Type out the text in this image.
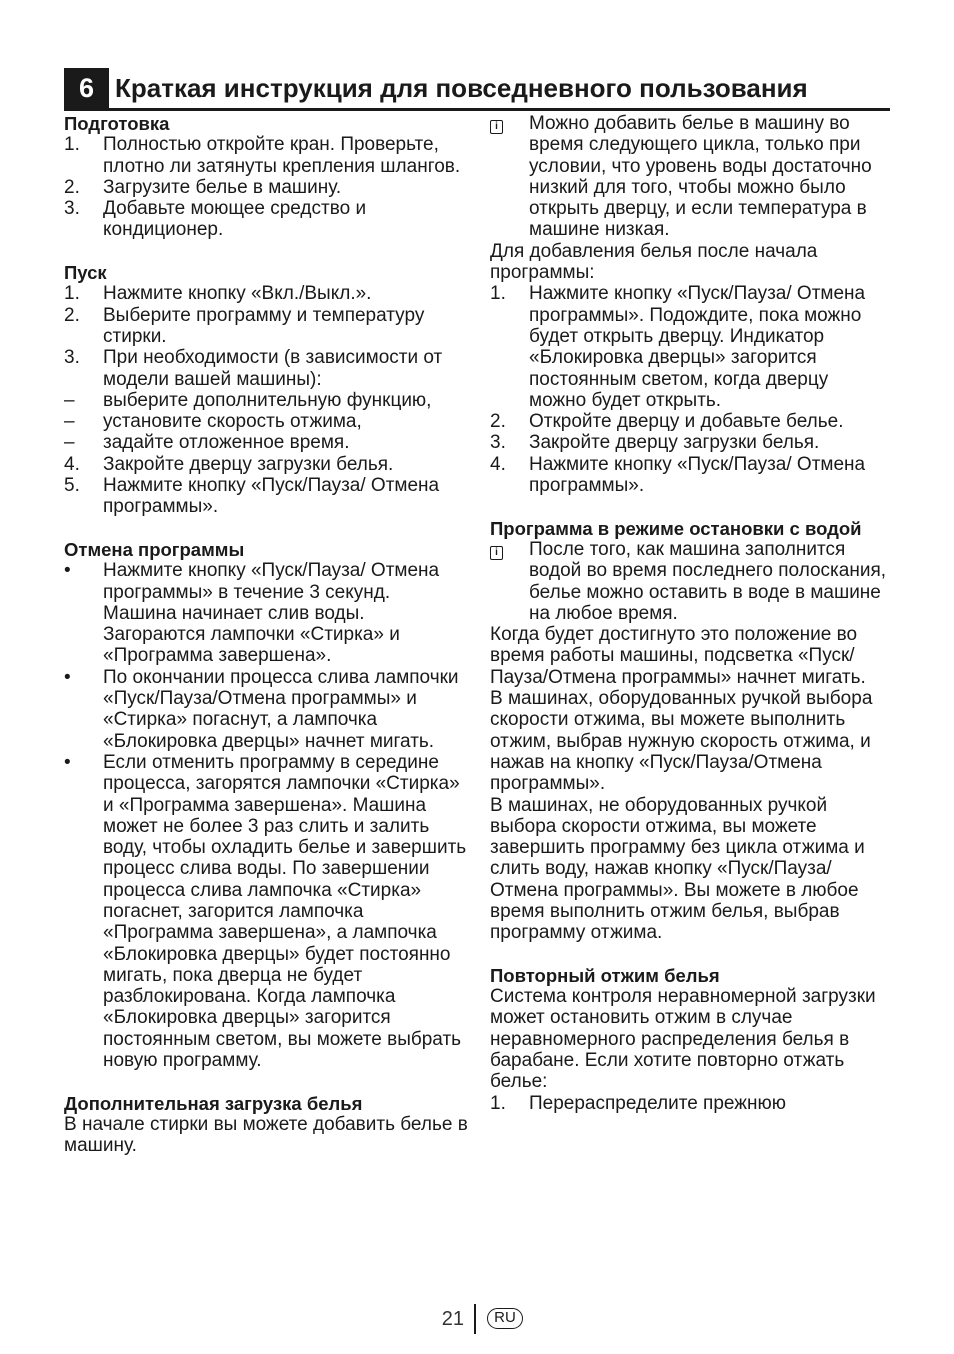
6 Краткая инструкция для повседневного пользования
Подготовка
1.	Полностью откройте кран. Проверьте, плотно ли затянуты крепления шлангов.
2.	Загрузите белье в машину.
3.	Добавьте моющее средство и кондиционер.
Пуск
1.	Нажмите кнопку «Вкл./Выкл.».
2.	Выберите программу и температуру стирки.
3.	При необходимости (в зависимости от модели вашей машины):
–	выберите дополнительную функцию,
–	установите скорость отжима,
–	задайте отложенное время.
4.	Закройте дверцу загрузки белья.
5.	Нажмите кнопку «Пуск/Пауза/ Отмена программы».
Отмена программы
•	Нажмите кнопку «Пуск/Пауза/ Отмена программы» в течение 3 секунд. Машина начинает слив воды. Загораются лампочки «Стирка» и «Программа завершена».
•	По окончании процесса слива лампочки «Пуск/Пауза/Отмена программы» и «Стирка» погаснут, а лампочка «Блокировка дверцы» начнет мигать.
•	Если отменить программу в середине процесса, загорятся лампочки «Стирка» и «Программа завершена». Машина может не более 3 раз слить и залить воду, чтобы охладить белье и завершить процесс слива воды. По завершении процесса слива лампочка «Стирка» погаснет, загорится лампочка «Программа завершена», а лампочка «Блокировка дверцы» будет постоянно мигать, пока дверца не будет разблокирована. Когда лампочка «Блокировка дверцы» загорится постоянным светом, вы можете выбрать новую программу.
Дополнительная загрузка белья
В начале стирки вы можете добавить белье в машину.
i	Можно добавить белье в машину во время следующего цикла, только при условии, что уровень воды достаточно низкий для того, чтобы можно было открыть дверцу, и если температура в машине низкая.
Для добавления белья после начала программы:
1.	Нажмите кнопку «Пуск/Пауза/ Отмена программы». Подождите, пока можно будет открыть дверцу. Индикатор «Блокировка дверцы» загорится постоянным светом, когда дверцу можно будет открыть.
2.	Откройте дверцу и добавьте белье.
3.	Закройте дверцу загрузки белья.
4.	Нажмите кнопку «Пуск/Пауза/ Отмена программы».
Программа в режиме остановки с водой
i	После того, как машина заполнится водой во время последнего полоскания, белье можно оставить в воде в машине на любое время.
Когда будет достигнуто это положение во время работы машины, подсветка «Пуск/Пауза/Отмена программы» начнет мигать.
В машинах, оборудованных ручкой выбора скорости отжима, вы можете выполнить отжим, выбрав нужную скорость отжима, и нажав на кнопку «Пуск/Пауза/Отмена программы».
В машинах, не оборудованных ручкой выбора скорости отжима, вы можете завершить программу без цикла отжима и слить воду, нажав кнопку «Пуск/Пауза/Отмена программы». Вы можете в любое время выполнить отжим белья, выбрав программу отжима.
Повторный отжим белья
Система контроля неравномерной загрузки может остановить отжим в случае неравномерного распределения белья в барабане. Если хотите повторно отжать белье:
1.	Перераспределите прежнюю
21	RU
